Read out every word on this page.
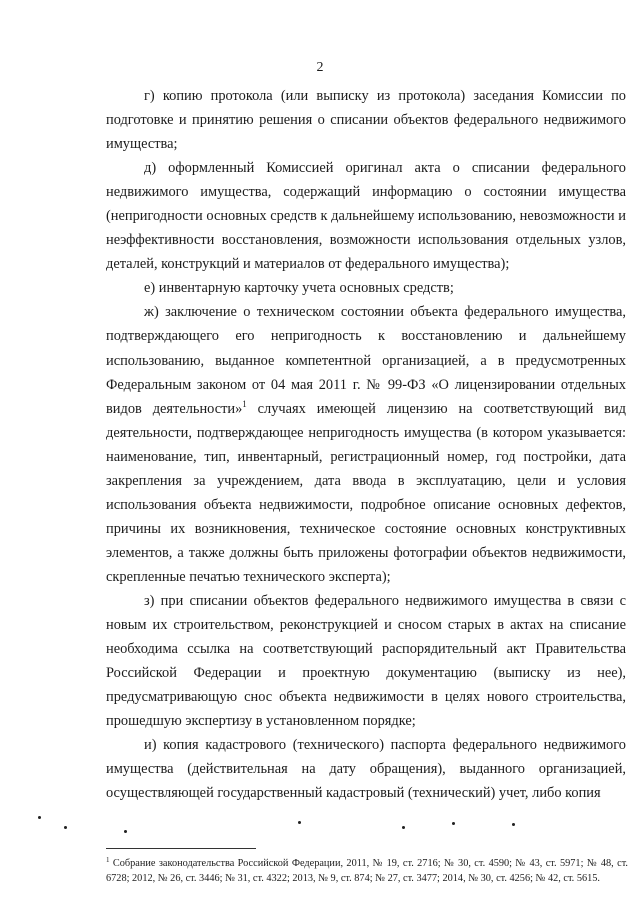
2

г) копию протокола (или выписку из протокола) заседания Комиссии по подготовке и принятию решения о списании объектов федерального недвижимого имущества;

д) оформленный Комиссией оригинал акта о списании федерального недвижимого имущества, содержащий информацию о состоянии имущества (непригодности основных средств к дальнейшему использованию, невозможности и неэффективности восстановления, возможности использования отдельных узлов, деталей, конструкций и материалов от федерального имущества);

е) инвентарную карточку учета основных средств;

ж) заключение о техническом состоянии объекта федерального имущества, подтверждающего его непригодность к восстановлению и дальнейшему использованию, выданное компетентной организацией, а в предусмотренных Федеральным законом от 04 мая 2011 г. № 99-ФЗ «О лицензировании отдельных видов деятельности»$^1$ случаях имеющей лицензию на соответствующий вид деятельности, подтверждающее непригодность имущества (в котором указывается: наименование, тип, инвентарный, регистрационный номер, год постройки, дата закрепления за учреждением, дата ввода в эксплуатацию, цели и условия использования объекта недвижимости, подробное описание основных дефектов, причины их возникновения, техническое состояние основных конструктивных элементов, а также должны быть приложены фотографии объектов недвижимости, скрепленные печатью технического эксперта);

з) при списании объектов федерального недвижимого имущества в связи с новым их строительством, реконструкцией и сносом старых в актах на списание необходима ссылка на соответствующий распорядительный акт Правительства Российской Федерации и проектную документацию (выписку из нее), предусматривающую снос объекта недвижимости в целях нового строительства, прошедшую экспертизу в установленном порядке;

и) копия кадастрового (технического) паспорта федерального недвижимого имущества (действительная на дату обращения), выданного организацией, осуществляющей государственный кадастровый (технический) учет, либо копия

$^1$ Собрание законодательства Российской Федерации, 2011, № 19, ст. 2716; № 30, ст. 4590; № 43, ст. 5971; № 48, ст. 6728; 2012, № 26, ст. 3446; № 31, ст. 4322; 2013, № 9, ст. 874; № 27, ст. 3477; 2014, № 30, ст. 4256; № 42, ст. 5615.
